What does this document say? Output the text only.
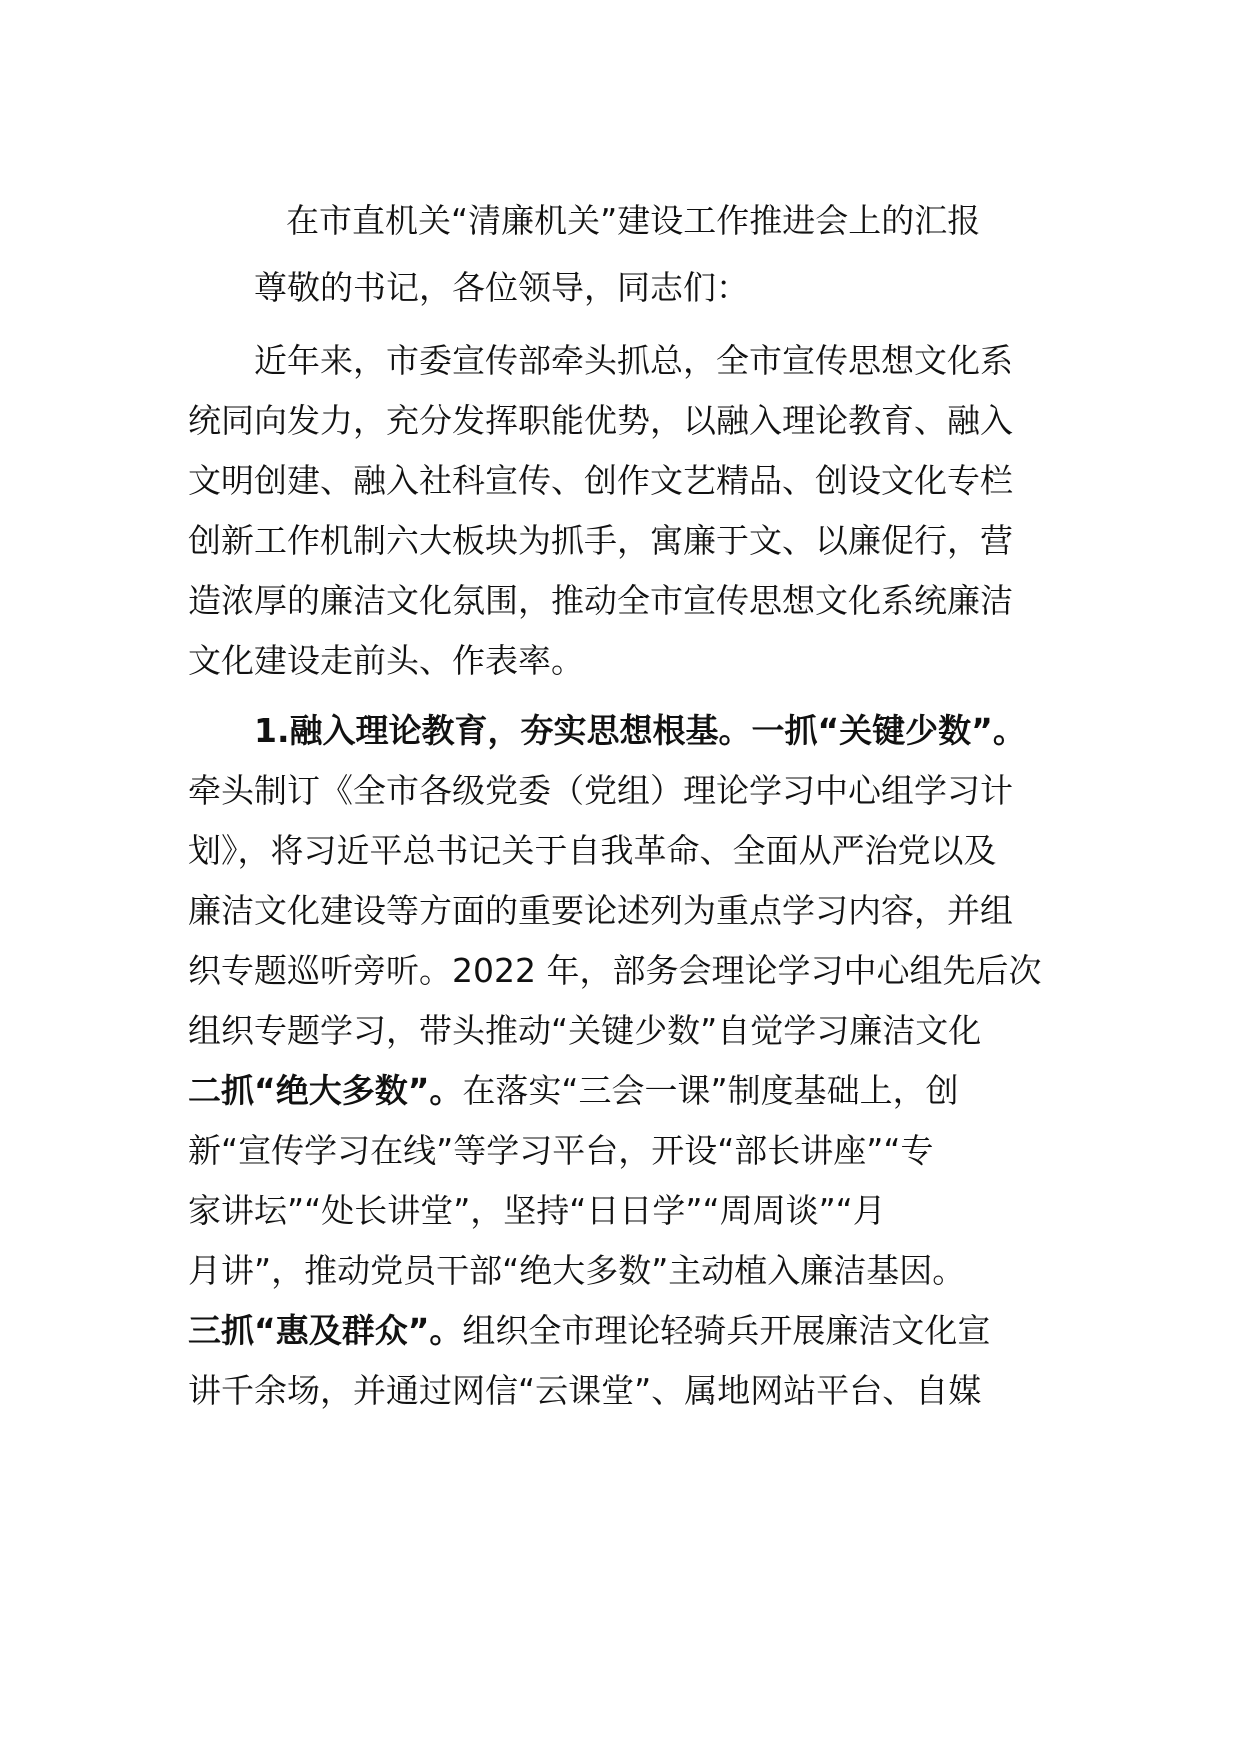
在市直机关“清廉机关”建设工作推进会上的汇报
尊敬的书记，各位领导，同志们：
近年来，市委宣传部牵头抓总，全市宣传思想文化系
统同向发力，充分发挥职能优势，以融入理论教育、融入
文明创建、融入社科宣传、创作文艺精品、创设文化专栏
创新工作机制六大板块为抓手，寓廉于文、以廉促行，营
造浓厚的廉洁文化氛围，推动全市宣传思想文化系统廉洁
文化建设走前头、作表率。
1.融入理论教育，夯实思想根基。一抓“关键少数”。
牵头制订《全市各级党委（党组）理论学习中心组学习计
划》，将习近平总书记关于自我革命、全面从严治党以及
廉洁文化建设等方面的重要论述列为重点学习内容，并组
织专题巡听旁听。2022 年，部务会理论学习中心组先后次
组织专题学习，带头推动“关键少数”自觉学习廉洁文化
二抓“绝大多数”。在落实“三会一课”制度基础上，创
新“宣传学习在线”等学习平台，开设“部长讲座”“专
家讲坛”“处长讲堂”，坚持“日日学”“周周谈”“月
月讲”，推动党员干部“绝大多数”主动植入廉洁基因。
三抓“惠及群众”。组织全市理论轻骑兵开展廉洁文化宣
讲千余场，并通过网信“云课堂”、属地网站平台、自媒
